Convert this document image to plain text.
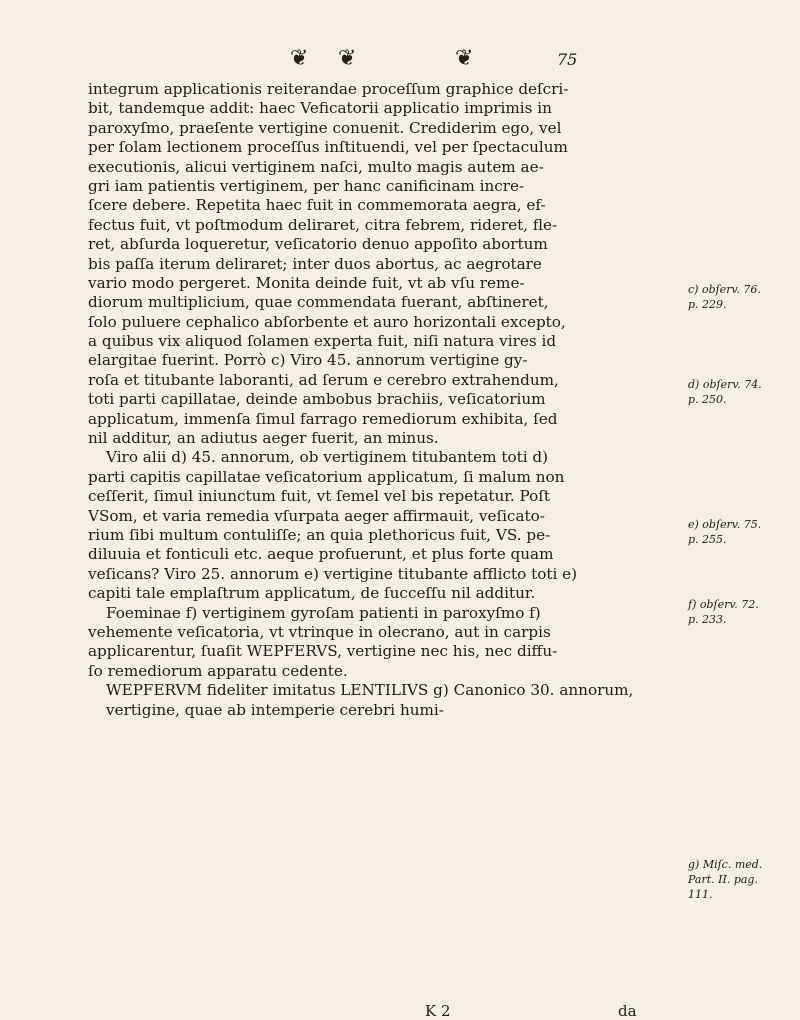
❦ ❦	❦	75
integrum applicationis reiterandae proceſſum graphice deſcri-
bit, tandemque addit: haec Veficatorii applicatio imprimis in
paroxyſmo, praeſente vertigine conuenit. Crediderim ego, vel
per ſolam lectionem proceſſus inſtituendi, vel per ſpectaculum
executionis, alicui vertiginem naſci, multo magis autem ae-
gri iam patientis vertiginem, per hanc canificinam incre-
ſcere debere. Repetita haec fuit in commemorata aegra, ef-
fectus fuit, vt poſtmodum deliraret, citra febrem, rideret, fle-
ret, abſurda loqueretur, veſicatorio denuo appoſito abortum
bis paſſa iterum deliraret; inter duos abortus, ac aegrotare
vario modo pergeret. Monita deinde fuit, vt ab vſu reme-
diorum multiplicium, quae commendata fuerant, abſtineret,
ſolo puluere cephalico abſorbente et auro horizontali excepto,
a quibus vix aliquod ſolamen experta fuit, niſi natura vires id
elargitae fuerint. Porrò c) Viro 45. annorum vertigine gy-
roſa et titubante laboranti, ad ſerum e cerebro extrahendum,
toti parti capillatae, deinde ambobus brachiis, veſicatorium
applicatum, immenſa ſimul farrago remediorum exhibita, ſed
nil additur, an adiutus aeger fuerit, an minus.
Viro alii d) 45. annorum, ob vertiginem titubantem toti d)
parti capitis capillatae veſicatorium applicatum, ſi malum non
ceſſerit, ſimul iniunctum fuit, vt ſemel vel bis repetatur. Poſt
VSom, et varia remedia vſurpata aeger affirmauit, veſicato-
rium ſibi multum contuliſſe; an quia plethoricus fuit, VS. pe-
diluuia et fonticuli etc. aeque profuerunt, et plus forte quam
veſicans? Viro 25. annorum e) vertigine titubante afflicto toti e)
capiti tale emplaſtrum applicatum, de ſucceſſu nil additur.
Foeminae f) vertiginem gyroſam patienti in paroxyſmo f)
vehemente veſicatoria, vt vtrinque in olecrano, aut in carpis
applicarentur, ſuaſit WEPFERVS, vertigine nec his, nec diffu-
ſo remediorum apparatu cedente.
WEPFERVM fideliter imitatus LENTILIVS g) Canonico 30. annorum, vertigine, quae ab intemperie cerebri humi-
c) obſerv. 76.
p. 229.
d) obſerv. 74.
p. 250.
e) obſerv. 75.
p. 255.
f) obſerv. 72.
p. 233.
g) Miſc. med.
Part. II. pag.
111.
K 2	da
